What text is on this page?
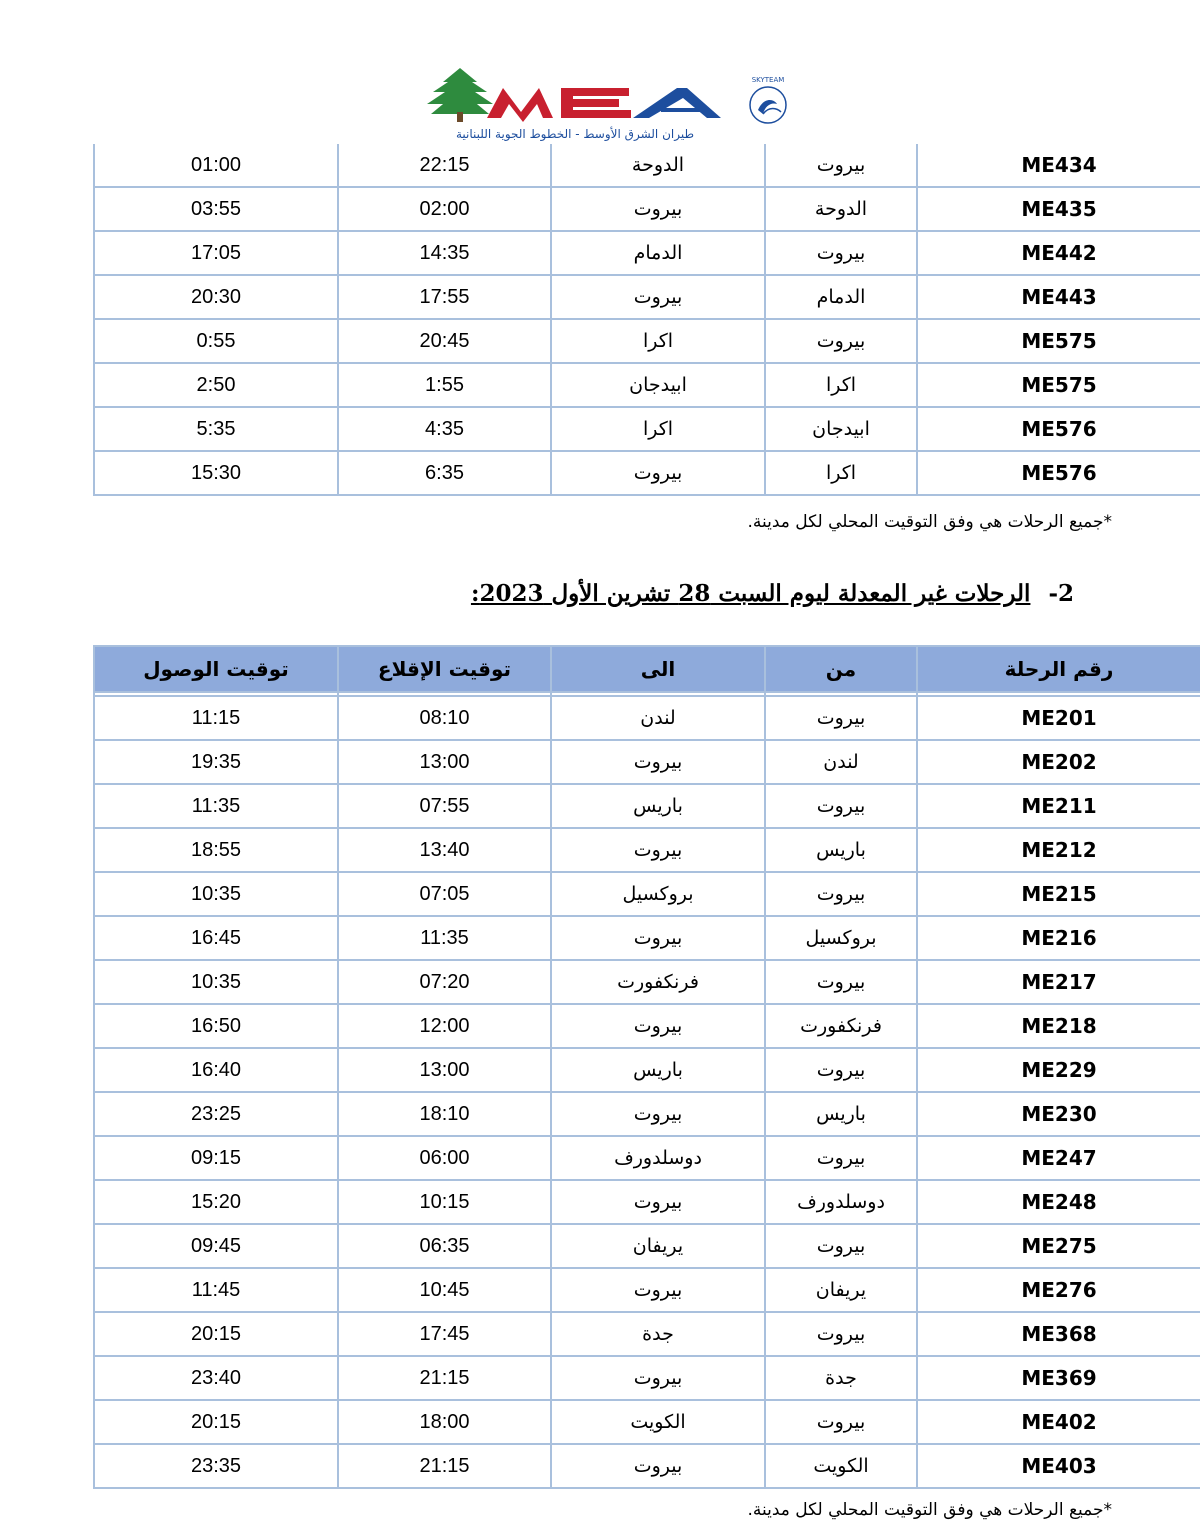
طيران الشرق الأوسط - الخطوط الجوية اللبنانية
SKYTEAM
01:00	22:15	الدوحة	بيروت	ME434
03:55	02:00	بيروت	الدوحة	ME435
17:05	14:35	الدمام	بيروت	ME442
20:30	17:55	بيروت	الدمام	ME443
0:55	20:45	اكرا	بيروت	ME575
2:50	1:55	ابيدجان	اكرا	ME575
5:35	4:35	اكرا	ابيدجان	ME576
15:30	6:35	بيروت	اكرا	ME576
*جميع الرحلات هي وفق التوقيت المحلي لكل مدينة.
2-الرحلات غير المعدلة ليوم السبت 28 تشرين الأول 2023:
توقيت الوصول	توقيت الإقلاع	الى	من	رقم الرحلة

11:15	08:10	لندن	بيروت	ME201
19:35	13:00	بيروت	لندن	ME202
11:35	07:55	باريس	بيروت	ME211
18:55	13:40	بيروت	باريس	ME212
10:35	07:05	بروكسيل	بيروت	ME215
16:45	11:35	بيروت	بروكسيل	ME216
10:35	07:20	فرنكفورت	بيروت	ME217
16:50	12:00	بيروت	فرنكفورت	ME218
16:40	13:00	باريس	بيروت	ME229
23:25	18:10	بيروت	باريس	ME230
09:15	06:00	دوسلدورف	بيروت	ME247
15:20	10:15	بيروت	دوسلدورف	ME248
09:45	06:35	يريفان	بيروت	ME275
11:45	10:45	بيروت	يريفان	ME276
20:15	17:45	جدة	بيروت	ME368
23:40	21:15	بيروت	جدة	ME369
20:15	18:00	الكويت	بيروت	ME402
23:35	21:15	بيروت	الكويت	ME403
*جميع الرحلات هي وفق التوقيت المحلي لكل مدينة.
